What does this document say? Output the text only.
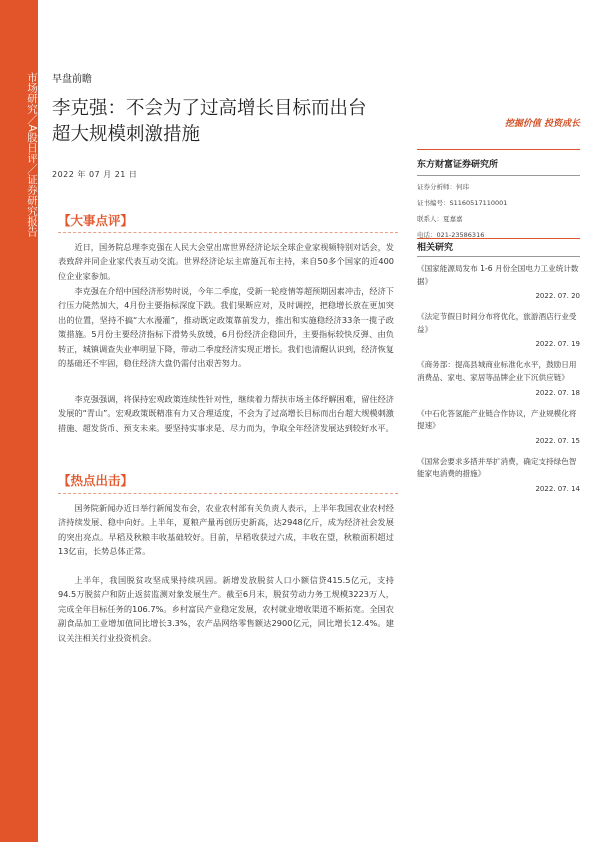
市场研究／A股日评／证券研究报告 早盘前瞻
李克强：不会为了过高增长目标而出台
超大规模刺激措施
2022 年 07 月 21 日
挖掘价值 投资成长
【大事点评】
近日，国务院总理李克强在人民大会堂出席世界经济论坛全球企业家视频特别对话会，发表致辞并同企业家代表互动交流。世界经济论坛主席施瓦布主持，来自50多个国家的近400位企业家参加。
李克强在介绍中国经济形势时说，今年二季度，受新一轮疫情等超预期因素冲击，经济下行压力陡然加大，4月份主要指标深度下跌。我们果断应对，及时调控，把稳增长放在更加突出的位置，坚持不搞“大水漫灌”，推动既定政策靠前发力，推出和实施稳经济33条一揽子政策措施。5月份主要经济指标下滑势头放缓，6月份经济企稳回升，主要指标较快反弹、由负转正，城镇调查失业率明显下降，带动二季度经济实现正增长。我们也清醒认识到，经济恢复的基础还不牢固，稳住经济大盘仍需付出艰苦努力。
李克强强调，将保持宏观政策连续性针对性，继续着力帮扶市场主体纾解困难，留住经济发展的“青山”。宏观政策既精准有力又合理适度，不会为了过高增长目标而出台超大规模刺激措施、超发货币、预支未来。要坚持实事求是、尽力而为，争取全年经济发展达到较好水平。
【热点出击】
国务院新闻办近日举行新闻发布会，农业农村部有关负责人表示，上半年我国农业农村经济持续发展、稳中向好。上半年，夏粮产量再创历史新高，达2948亿斤，成为经济社会发展的突出亮点。早稻及秋粮丰收基础较好。目前，早稻收获过六成，丰收在望，秋粮面积超过13亿亩，长势总体正常。
上半年，我国脱贫攻坚成果持续巩固。新增发放脱贫人口小额信贷415.5亿元，支持94.5万脱贫户和防止返贫监测对象发展生产。截至6月末，脱贫劳动力务工规模3223万人，完成全年目标任务的106.7%。乡村富民产业稳定发展，农村就业增收渠道不断拓宽。全国农副食品加工业增加值同比增长3.3%，农产品网络零售额达2900亿元，同比增长12.4%。建议关注相关行业投资机会。
东方财富证券研究所
证券分析师：何玮
证书编号：S1160517110001
联系人：夏嘉嘉
电话：021-23586316
相关研究
《国家能源局发布 1-6 月份全国电力工业统计数据》
2022. 07. 20
《法定节假日时间分布将优化，旅游酒店行业受益》
2022. 07. 19
《商务部：提高县城商业标准化水平，鼓励日用消费品、家电、家居等品牌企业下沉供应链》
2022. 07. 18
《中石化答氢能产业链合作协议，产业规模化将提速》
2022. 07. 15
《国常会要求多措并举扩消费，确定支持绿色智能家电消费的措施》
2022. 07. 14
